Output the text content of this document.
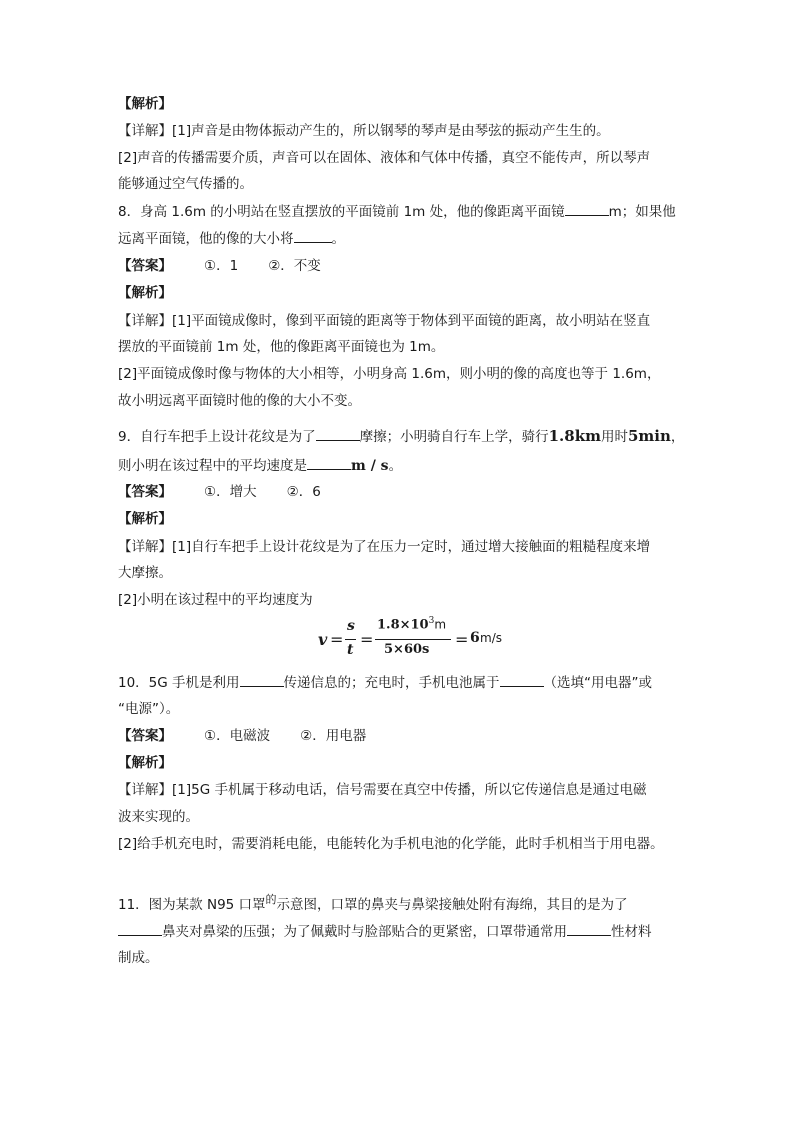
【解析】
【详解】[1]声音是由物体振动产生的，所以钢琴的琴声是由琴弦的振动产生生的。
[2]声音的传播需要介质，声音可以在固体、液体和气体中传播，真空不能传声，所以琴声
能够通过空气传播的。
8．身高 1.6m 的小明站在竖直摆放的平面镜前 1m 处，他的像距离平面镜	m；如果他
远离平面镜，他的像的大小将	。
【答案】 ①．1 ②．不变
【解析】
【详解】[1]平面镜成像时，像到平面镜的距离等于物体到平面镜的距离，故小明站在竖直
摆放的平面镜前 1m 处，他的像距离平面镜也为 1m。
[2]平面镜成像时像与物体的大小相等，小明身高 1.6m，则小明的像的高度也等于 1.6m，
故小明远离平面镜时他的像的大小不变。
9．自行车把手上设计花纹是为了	摩擦；小明骑自行车上学，骑行1.8km用时5min，
则小明在该过程中的平均速度是	m / s。
【答案】 ①．增大 ②．6
【解析】
【详解】[1]自行车把手上设计花纹是为了在压力一定时，通过增大接触面的粗糙程度来增
大摩擦。
[2]小明在该过程中的平均速度为
v =
s
t
=
$1.8\times 10^3m$
5×60s
= 6 m/s
10．5G 手机是利用	传递信息的；充电时，手机电池属于	（选填“用电器”或
“电源”）。
【答案】 ①．电磁波 ②．用电器
【解析】
【详解】[1]5G 手机属于移动电话，信号需要在真空中传播，所以它传递信息是通过电磁
波来实现的。
[2]给手机充电时，需要消耗电能，电能转化为手机电池的化学能，此时手机相当于用电器。
11．图为某款 N95 口罩$^的$示意图，口罩的鼻夹与鼻梁接触处附有海绵，其目的是为了
鼻夹对鼻梁的压强；为了佩戴时与脸部贴合的更紧密，口罩带通常用	性材料
制成。
